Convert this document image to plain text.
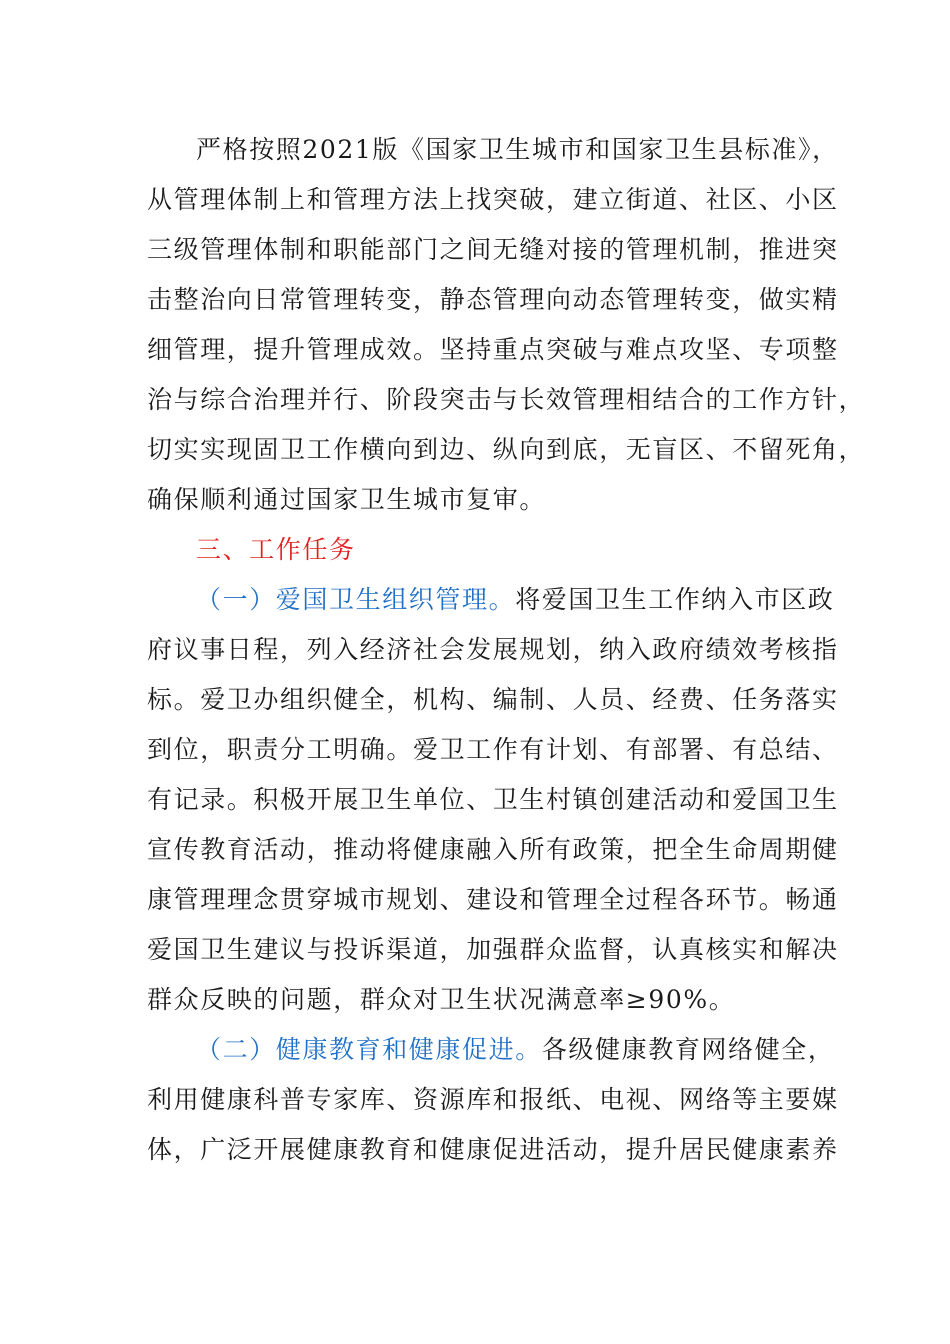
严格按照2021版《国家卫生城市和国家卫生县标准》，
从管理体制上和管理方法上找突破，建立街道、社区、小区
三级管理体制和职能部门之间无缝对接的管理机制，推进突
击整治向日常管理转变，静态管理向动态管理转变，做实精
细管理，提升管理成效。坚持重点突破与难点攻坚、专项整
治与综合治理并行、阶段突击与长效管理相结合的工作方针，
切实实现固卫工作横向到边、纵向到底，无盲区、不留死角，
确保顺利通过国家卫生城市复审。
三、工作任务
（一）爱国卫生组织管理。将爱国卫生工作纳入市区政
府议事日程，列入经济社会发展规划，纳入政府绩效考核指
标。爱卫办组织健全，机构、编制、人员、经费、任务落实
到位，职责分工明确。爱卫工作有计划、有部署、有总结、
有记录。积极开展卫生单位、卫生村镇创建活动和爱国卫生
宣传教育活动，推动将健康融入所有政策，把全生命周期健
康管理理念贯穿城市规划、建设和管理全过程各环节。畅通
爱国卫生建议与投诉渠道，加强群众监督，认真核实和解决
群众反映的问题，群众对卫生状况满意率≥90%。
（二）健康教育和健康促进。各级健康教育网络健全，
利用健康科普专家库、资源库和报纸、电视、网络等主要媒
体，广泛开展健康教育和健康促进活动，提升居民健康素养
